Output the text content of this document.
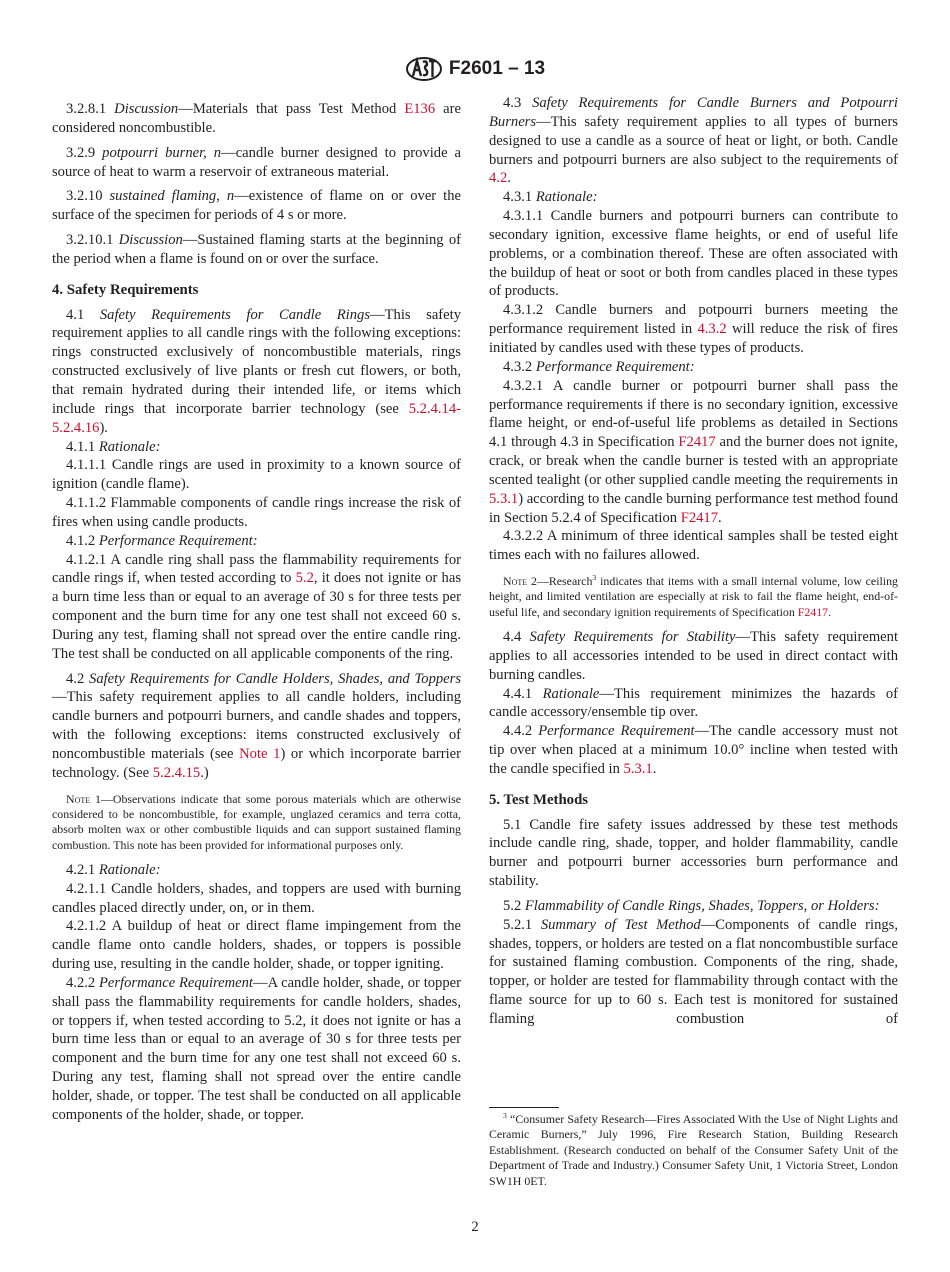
F2601 – 13
3.2.8.1 Discussion—Materials that pass Test Method E136 are considered noncombustible.
3.2.9 potpourri burner, n—candle burner designed to provide a source of heat to warm a reservoir of extraneous material.
3.2.10 sustained flaming, n—existence of flame on or over the surface of the specimen for periods of 4 s or more.
3.2.10.1 Discussion—Sustained flaming starts at the beginning of the period when a flame is found on or over the surface.
4. Safety Requirements
4.1 Safety Requirements for Candle Rings—This safety requirement applies to all candle rings with the following exceptions: rings constructed exclusively of noncombustible materials, rings constructed exclusively of live plants or fresh cut flowers, or both, that remain hydrated during their intended life, or items which include rings that incorporate barrier technology (see 5.2.4.14-5.2.4.16).
4.1.1 Rationale:
4.1.1.1 Candle rings are used in proximity to a known source of ignition (candle flame).
4.1.1.2 Flammable components of candle rings increase the risk of fires when using candle products.
4.1.2 Performance Requirement:
4.1.2.1 A candle ring shall pass the flammability requirements for candle rings if, when tested according to 5.2, it does not ignite or has a burn time less than or equal to an average of 30 s for three tests per component and the burn time for any one test shall not exceed 60 s. During any test, flaming shall not spread over the entire candle ring. The test shall be conducted on all applicable components of the ring.
4.2 Safety Requirements for Candle Holders, Shades, and Toppers—This safety requirement applies to all candle holders, including candle burners and potpourri burners, and candle shades and toppers, with the following exceptions: items constructed exclusively of noncombustible materials (see Note 1) or which incorporate barrier technology. (See 5.2.4.15.)
Note 1—Observations indicate that some porous materials which are otherwise considered to be noncombustible, for example, unglazed ceramics and terra cotta, absorb molten wax or other combustible liquids and can support sustained flaming combustion. This note has been provided for informational purposes only.
4.2.1 Rationale:
4.2.1.1 Candle holders, shades, and toppers are used with burning candles placed directly under, on, or in them.
4.2.1.2 A buildup of heat or direct flame impingement from the candle flame onto candle holders, shades, or toppers is possible during use, resulting in the candle holder, shade, or topper igniting.
4.2.2 Performance Requirement—A candle holder, shade, or topper shall pass the flammability requirements for candle holders, shades, or toppers if, when tested according to 5.2, it does not ignite or has a burn time less than or equal to an average of 30 s for three tests per component and the burn time for any one test shall not exceed 60 s. During any test, flaming shall not spread over the entire candle holder, shade, or topper. The test shall be conducted on all applicable components of the holder, shade, or topper.
4.3 Safety Requirements for Candle Burners and Potpourri Burners—This safety requirement applies to all types of burners designed to use a candle as a source of heat or light, or both. Candle burners and potpourri burners are also subject to the requirements of 4.2.
4.3.1 Rationale:
4.3.1.1 Candle burners and potpourri burners can contribute to secondary ignition, excessive flame heights, or end of useful life problems, or a combination thereof. These are often associated with the buildup of heat or soot or both from candles placed in these types of products.
4.3.1.2 Candle burners and potpourri burners meeting the performance requirement listed in 4.3.2 will reduce the risk of fires initiated by candles used with these types of products.
4.3.2 Performance Requirement:
4.3.2.1 A candle burner or potpourri burner shall pass the performance requirements if there is no secondary ignition, excessive flame height, or end-of-useful life problems as detailed in Sections 4.1 through 4.3 in Specification F2417 and the burner does not ignite, crack, or break when the candle burner is tested with an appropriate scented tealight (or other supplied candle meeting the requirements in 5.3.1) according to the candle burning performance test method found in Section 5.2.4 of Specification F2417.
4.3.2.2 A minimum of three identical samples shall be tested eight times each with no failures allowed.
Note 2—Research$^3$ indicates that items with a small internal volume, low ceiling height, and limited ventilation are especially at risk to fail the flame height, end-of-useful life, and secondary ignition requirements of Specification F2417.
4.4 Safety Requirements for Stability—This safety requirement applies to all accessories intended to be used in direct contact with burning candles.
4.4.1 Rationale—This requirement minimizes the hazards of candle accessory/ensemble tip over.
4.4.2 Performance Requirement—The candle accessory must not tip over when placed at a minimum 10.0° incline when tested with the candle specified in 5.3.1.
5. Test Methods
5.1 Candle fire safety issues addressed by these test methods include candle ring, shade, topper, and holder flammability, candle burner and potpourri burner accessories burn performance and stability.
5.2 Flammability of Candle Rings, Shades, Toppers, or Holders:
5.2.1 Summary of Test Method—Components of candle rings, shades, toppers, or holders are tested on a flat noncombustible surface for sustained flaming combustion. Components of the ring, shade, topper, or holder are tested for flammability through contact with the flame source for up to 60 s. Each test is monitored for sustained flaming combustion of
$^3$ “Consumer Safety Research—Fires Associated With the Use of Night Lights and Ceramic Burners,” July 1996, Fire Research Station, Building Research Establishment. (Research conducted on behalf of the Consumer Safety Unit of the Department of Trade and Industry.) Consumer Safety Unit, 1 Victoria Street, London SW1H 0ET.
2
